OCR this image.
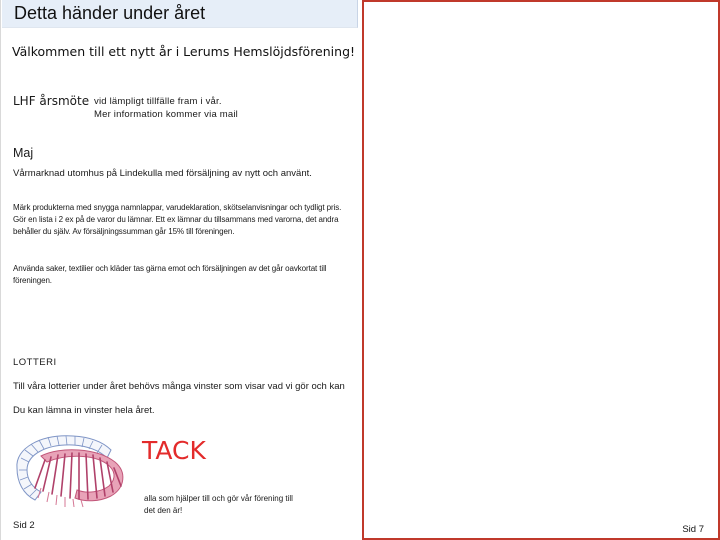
Detta händer under året
Välkommen till ett nytt år i Lerums Hemslöjdsförening!
LHF årsmöte vid lämpligt tillfälle fram i vår.
Mer information kommer via mail
Maj
Vårmarknad utomhus på Lindekulla med försäljning av nytt och använt.
Märk produkterna med snygga namnlappar, varudeklaration, skötselanvisningar och tydligt pris. Gör en lista i 2 ex på de varor du lämnar. Ett ex lämnar du tillsammans med varorna, det andra behåller du själv. Av försäljningssumman går 15% till föreningen.
Använda saker, textilier och kläder tas gärna emot och försäljningen av det går oavkortat till föreningen.
LOTTERI
Till våra lotterier under året behövs många vinster som visar vad vi gör och kan
Du kan lämna in vinster hela året.
TACK
alla som hjälper till och gör vår förening till det den är!
Sid 2	Sid 7
